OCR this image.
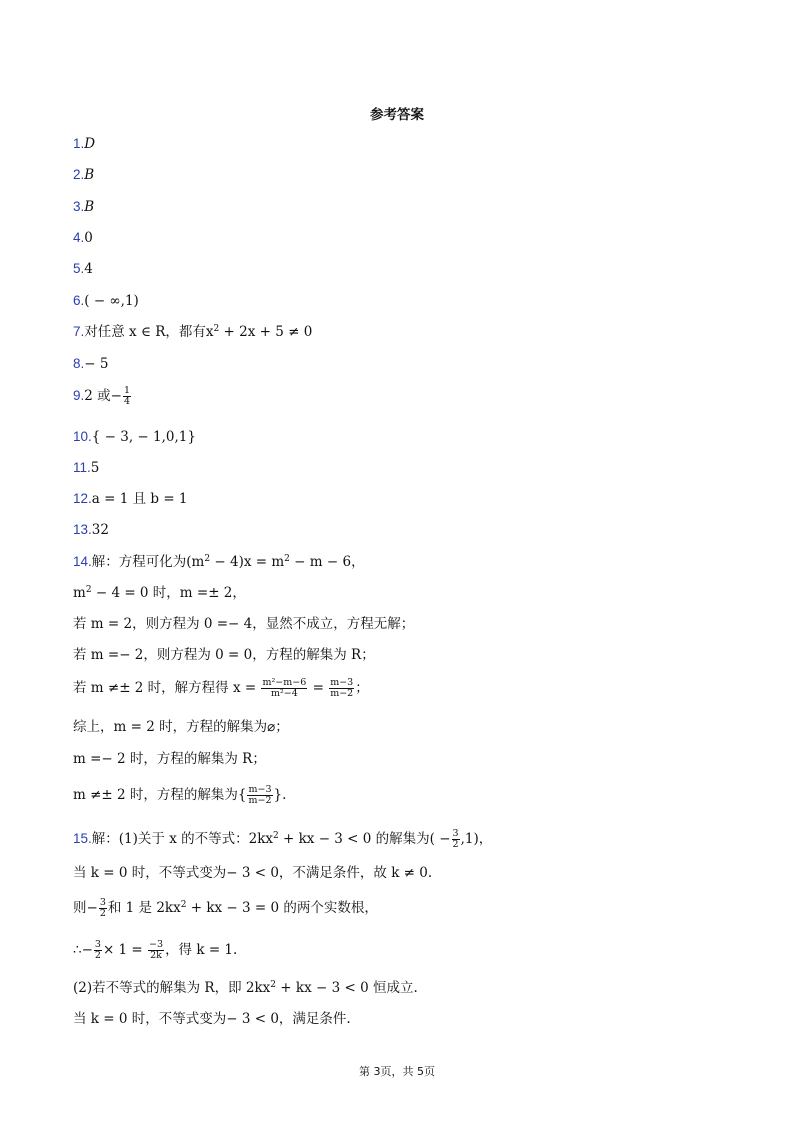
参考答案
1.D
2.B
3.B
4.0
5.4
6.( − ∞,1)
7.对任意 x ∈ R，都有$x^2 + 2x + 5 \ne 0$
8.− 5
9.2 或− $\frac{1}{4}$
10.{ − 3, − 1,0,1}
11.5
12.a = 1 且 b = 1
13.32
14.解：方程可化为$(m^2 - 4)x = m^2 - m - 6$，
$m^2 - 4 = 0$ 时，m =± 2，
若 m = 2，则方程为 0 =− 4，显然不成立，方程无解；
若 m =− 2，则方程为 0 = 0，方程的解集为 R；
若 m ≠± 2 时，解方程得 $x = \frac{\text{m²−m−6}}{\text{m²−4}} = \frac{m-3}{m-2}$ ；
综上，m = 2 时，方程的解集为⌀；
m =− 2 时，方程的解集为 R；
m ≠± 2 时，方程的解集为{ $\frac{m-3}{m-2}$ }.
15.解：(1)关于 x 的不等式：$2kx^2$ + kx − 3 < 0 的解集为( − $\frac{3}{2} ,1$)，
当 k = 0 时，不等式变为− 3 < 0，不满足条件，故 k ≠ 0.
则− $\frac{3}{2}$ 和 1 是 $2kx^2$ + kx − 3 = 0 的两个实数根，
∴− $\frac{3}{2} \times 1 = \frac{-3}{2k}$ ，得 k = 1.
(2)若不等式的解集为 R，即 $2kx^2$ + kx − 3 < 0 恒成立.
当 k = 0 时，不等式变为− 3 < 0，满足条件.
第 3页，共 5页
